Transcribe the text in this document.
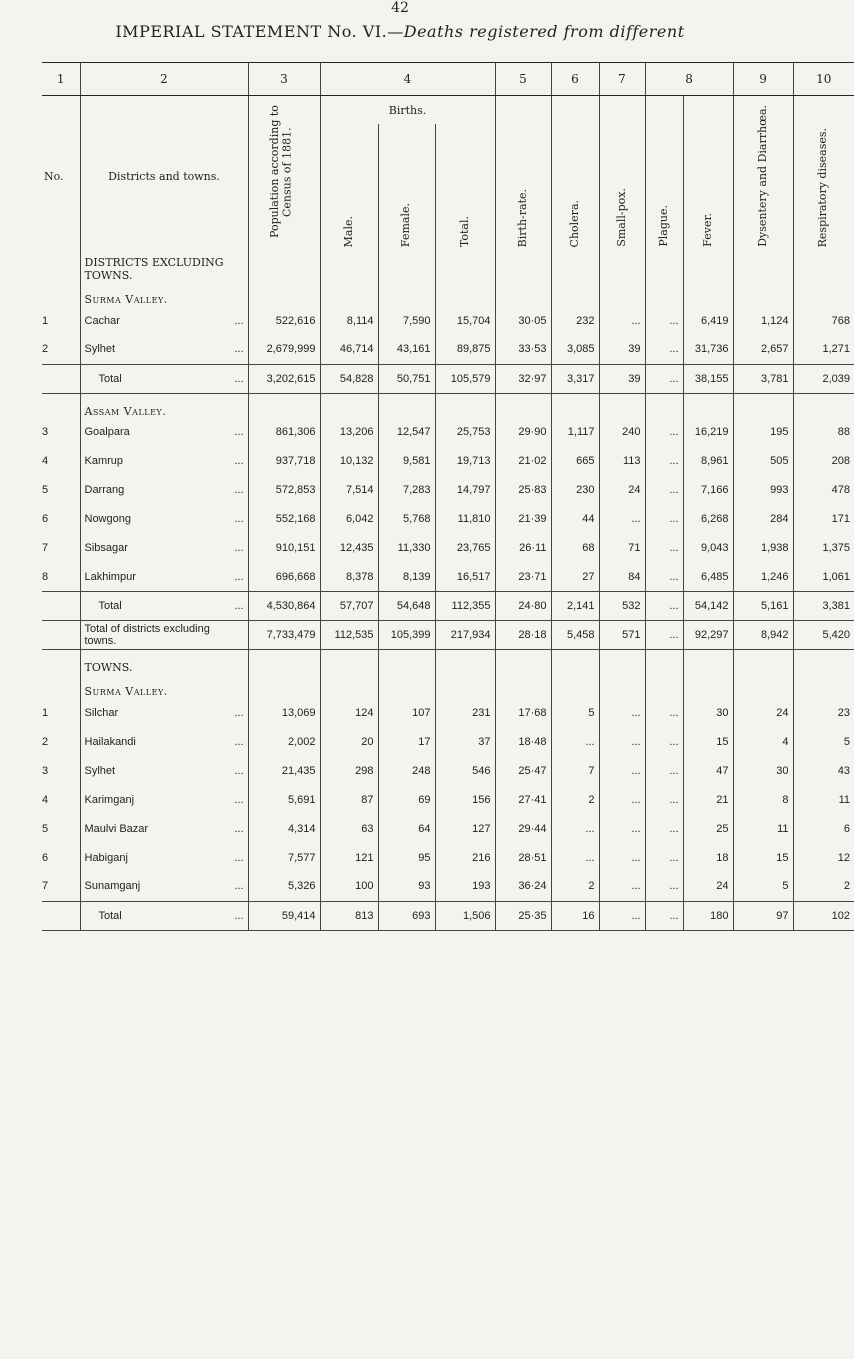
42
IMPERIAL STATEMENT No. VI.—Deaths registered from different
1	2	3	4			5	6	7	8		9	10
No.	Districts and towns.	Population according to Census of 1881.	Births.			Birth-rate.	Cholera.	Small-pox.	Plague.	Fever.	Dysentery and Diarrhœa.	Respiratory diseases.
			Male.	Female.	Total.							
	DISTRICTS EXCLUDING TOWNS.											
	Surma Valley.											
1	Cachar ...	522,616	8,114	7,590	15,704	30·05	232	...	...	6,419	1,124	768
2	Sylhet ...	2,679,999	46,714	43,161	89,875	33·53	3,085	39	...	31,736	2,657	1,271
	Total ...	3,202,615	54,828	50,751	105,579	32·97	3,317	39	...	38,155	3,781	2,039
	Assam Valley.											
3	Goalpara ...	861,306	13,206	12,547	25,753	29·90	1,117	240	...	16,219	195	88
4	Kamrup ...	937,718	10,132	9,581	19,713	21·02	665	113	...	8,961	505	208
5	Darrang ...	572,853	7,514	7,283	14,797	25·83	230	24	...	7,166	993	478
6	Nowgong ...	552,168	6,042	5,768	11,810	21·39	44	...	...	6,268	284	171
7	Sibsagar ...	910,151	12,435	11,330	23,765	26·11	68	71	...	9,043	1,938	1,375
8	Lakhimpur ...	696,668	8,378	8,139	16,517	23·71	27	84	...	6,485	1,246	1,061
	Total ...	4,530,864	57,707	54,648	112,355	24·80	2,141	532	...	54,142	5,161	3,381
	Total of districts excluding towns.	7,733,479	112,535	105,399	217,934	28·18	5,458	571	...	92,297	8,942	5,420
	TOWNS.											
	Surma Valley.											
1	Silchar ...	13,069	124	107	231	17·68	5	...	...	30	24	23
2	Hailakandi ...	2,002	20	17	37	18·48	...	...	...	15	4	5
3	Sylhet ...	21,435	298	248	546	25·47	7	...	...	47	30	43
4	Karimganj ...	5,691	87	69	156	27·41	2	...	...	21	8	11
5	Maulvi Bazar ...	4,314	63	64	127	29·44	...	...	...	25	11	6
6	Habiganj ...	7,577	121	95	216	28·51	...	...	...	18	15	12
7	Sunamganj ...	5,326	100	93	193	36·24	2	...	...	24	5	2
	Total ...	59,414	813	693	1,506	25·35	16	...	...	180	97	102
